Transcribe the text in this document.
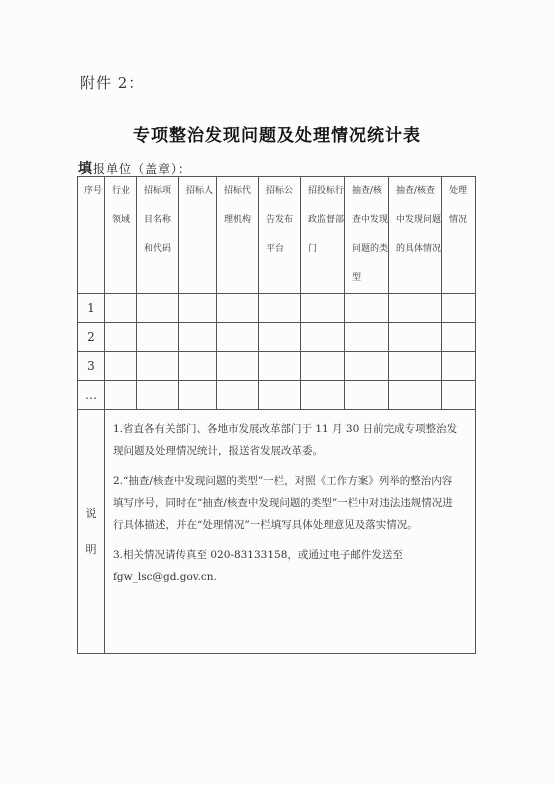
附件 2：
专项整治发现问题及处理情况统计表
填报单位（盖章）：
序号	行业领域	招标项目名称和代码	招标人	招标代理机构	招标公告发布平台	招投标行政监督部门	抽查/核查中发现问题的类型	抽查/核查中发现问题的具体情况	处理情况
1									
2									
3									
…									
说明	1.省直各有关部门、各地市发展改革部门于 11 月 30 日前完成专项整治发现问题及处理情况统计，报送省发展改革委。

2.“抽查/核查中发现问题的类型”一栏，对照《工作方案》列举的整治内容填写序号，同时在“抽查/核查中发现问题的类型”一栏中对违法违规情况进行具体描述，并在“处理情况”一栏填写具体处理意见及落实情况。

3.相关情况请传真至 020-83133158，或通过电子邮件发送至 fgw_lsc@gd.gov.cn.								
